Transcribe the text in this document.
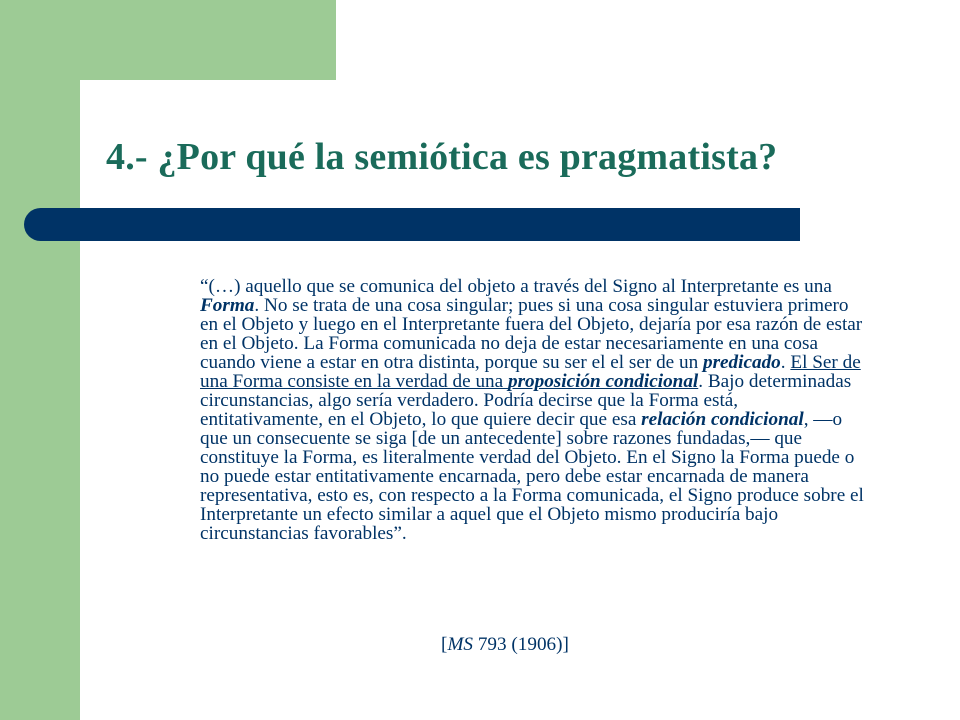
4.- ¿Por qué la semiótica es pragmatista?
“(…) aquello que se comunica del objeto a través del Signo al Interpretante es una Forma. No se trata de una cosa singular; pues si una cosa singular estuviera primero en el Objeto y luego en el Interpretante fuera del Objeto, dejaría por esa razón de estar en el Objeto. La Forma comunicada no deja de estar necesariamente en una cosa cuando viene a estar en otra distinta, porque su ser el el ser de un predicado. El Ser de una Forma consiste en la verdad de una proposición condicional. Bajo determinadas circunstancias, algo sería verdadero. Podría decirse que la Forma está, entitativamente, en el Objeto, lo que quiere decir que esa relación condicional, —o que un consecuente se siga [de un antecedente] sobre razones fundadas,— que constituye la Forma, es literalmente verdad del Objeto. En el Signo la Forma puede o no puede estar entitativamente encarnada, pero debe estar encarnada de manera representativa, esto es, con respecto a la Forma comunicada, el Signo produce sobre el Interpretante un efecto similar a aquel que el Objeto mismo produciría bajo circunstancias favorables”.
[MS 793 (1906)]
